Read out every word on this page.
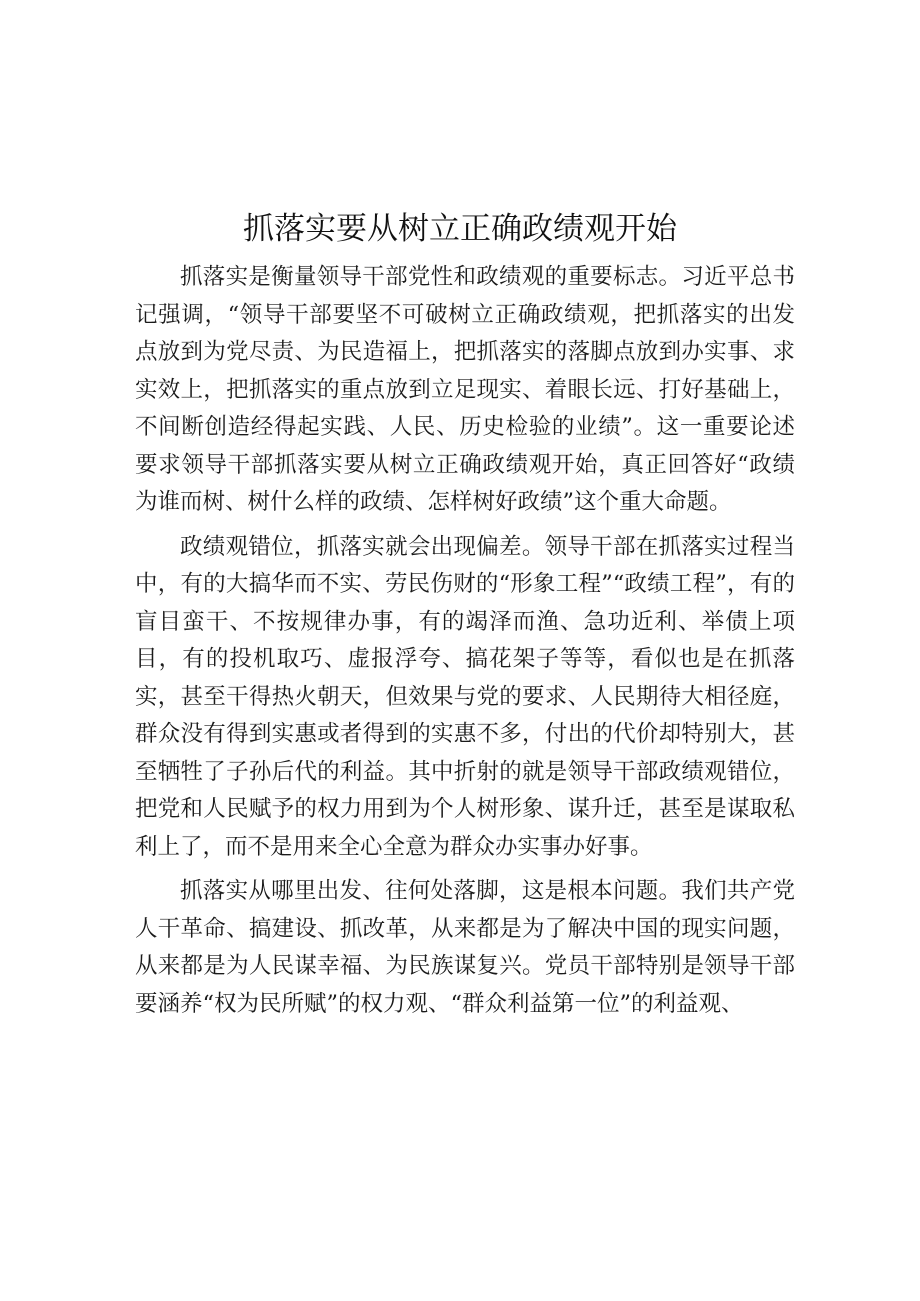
抓落实要从树立正确政绩观开始

抓落实是衡量领导干部党性和政绩观的重要标志。习近平总书记强调，“领导干部要坚不可破树立正确政绩观，把抓落实的出发点放到为党尽责、为民造福上，把抓落实的落脚点放到办实事、求实效上，把抓落实的重点放到立足现实、着眼长远、打好基础上，不间断创造经得起实践、人民、历史检验的业绩”。这一重要论述要求领导干部抓落实要从树立正确政绩观开始，真正回答好“政绩为谁而树、树什么样的政绩、怎样树好政绩”这个重大命题。

政绩观错位，抓落实就会出现偏差。领导干部在抓落实过程当中，有的大搞华而不实、劳民伤财的“形象工程”“政绩工程”，有的盲目蛮干、不按规律办事，有的竭泽而渔、急功近利、举债上项目，有的投机取巧、虚报浮夸、搞花架子等等，看似也是在抓落实，甚至干得热火朝天，但效果与党的要求、人民期待大相径庭，群众没有得到实惠或者得到的实惠不多，付出的代价却特别大，甚至牺牲了子孙后代的利益。其中折射的就是领导干部政绩观错位，把党和人民赋予的权力用到为个人树形象、谋升迁，甚至是谋取私利上了，而不是用来全心全意为群众办实事办好事。

抓落实从哪里出发、往何处落脚，这是根本问题。我们共产党人干革命、搞建设、抓改革，从来都是为了解决中国的现实问题，从来都是为人民谋幸福、为民族谋复兴。党员干部特别是领导干部要涵养“权为民所赋”的权力观、“群众利益第一位”的利益观、
